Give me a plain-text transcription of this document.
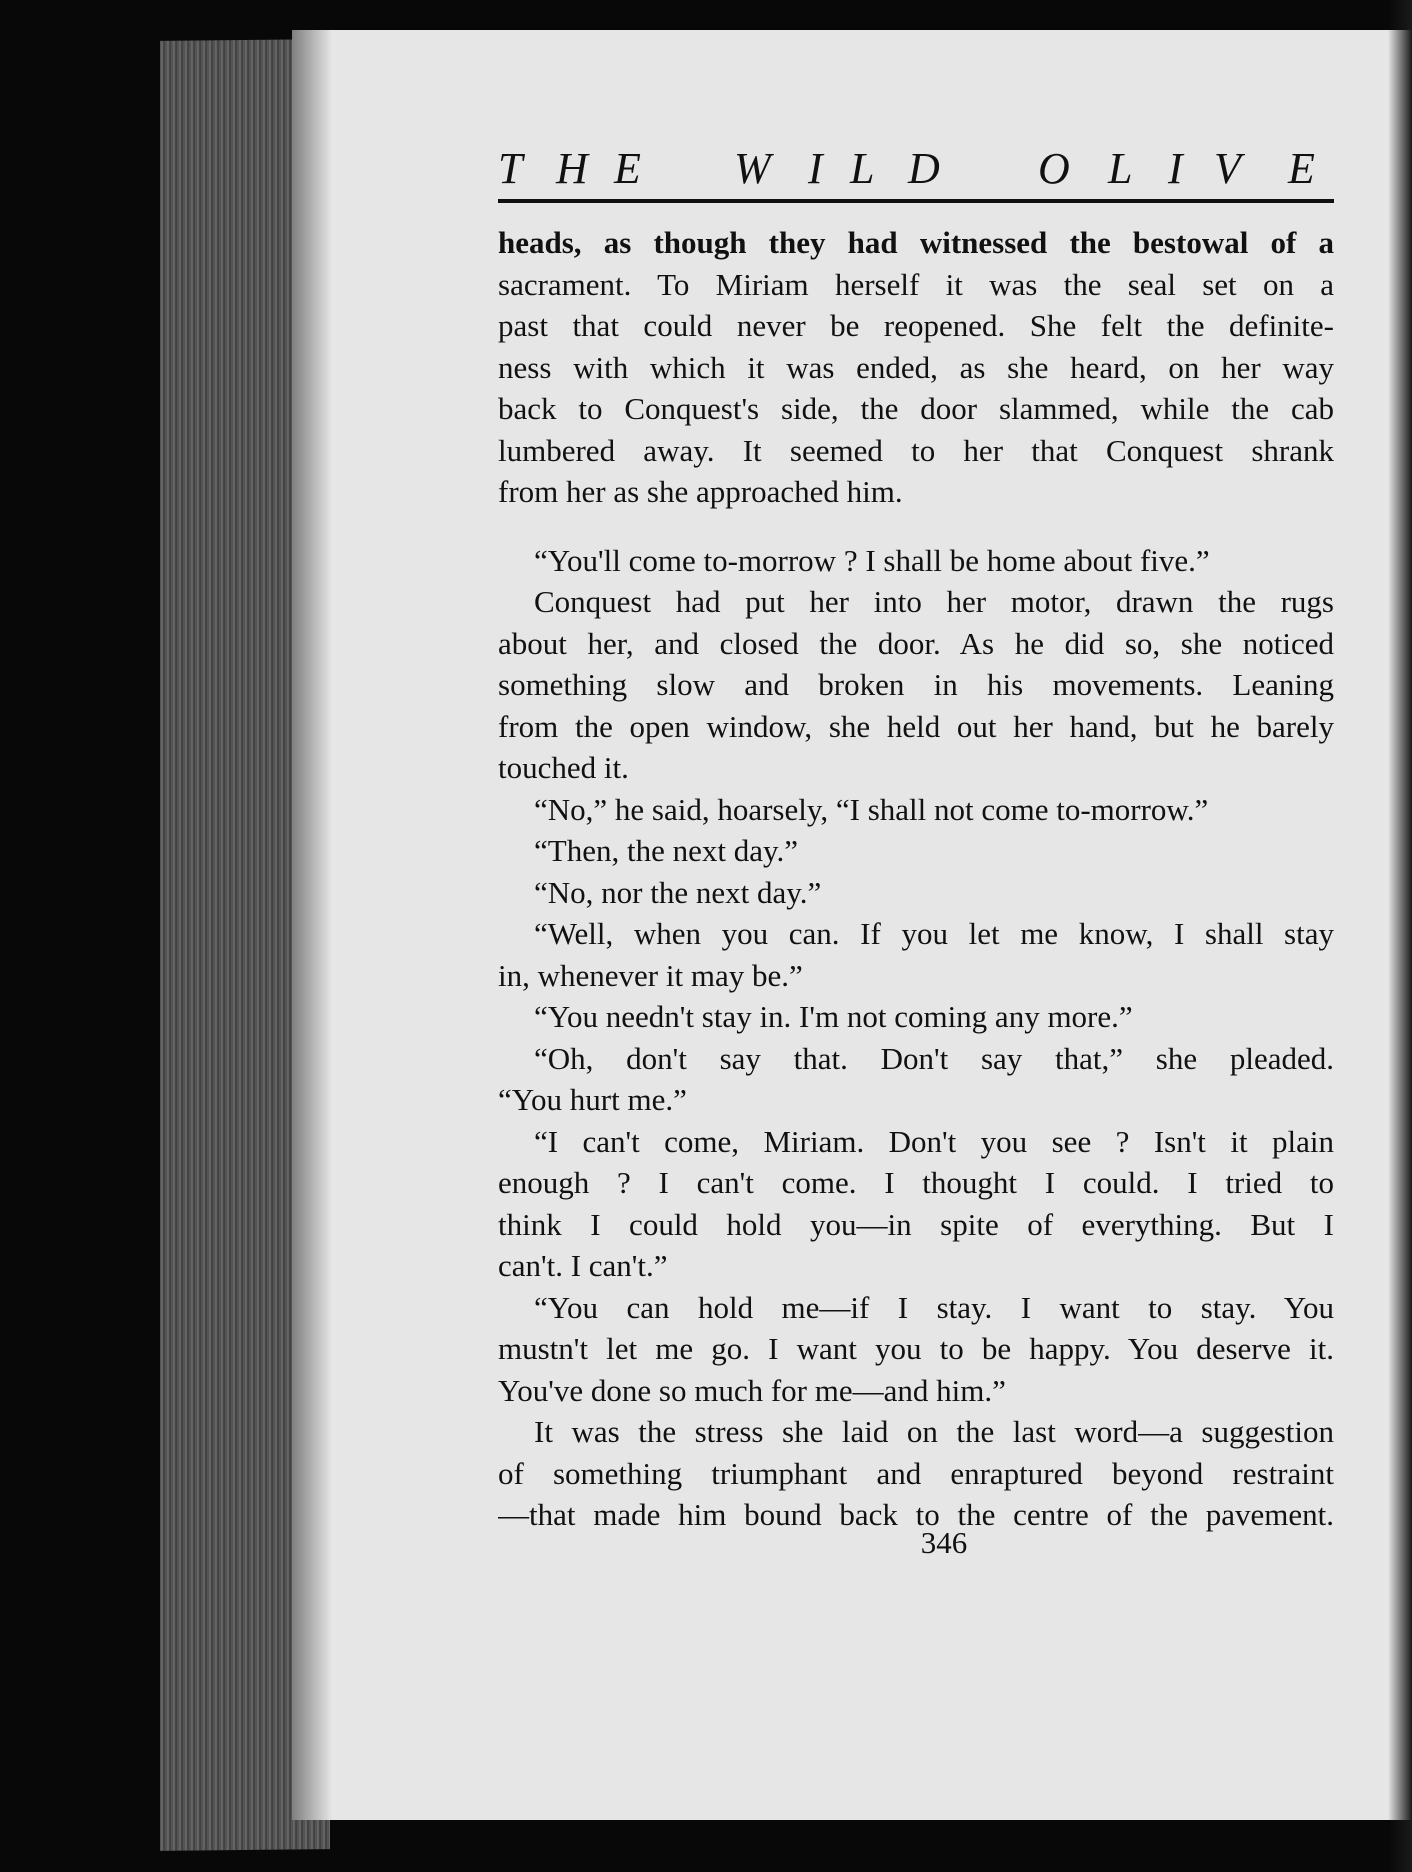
T H E W I L D O L I V E
heads, as though they had witnessed the bestowal of a
sacrament. To Miriam herself it was the seal set on a
past that could never be reopened. She felt the definite-
ness with which it was ended, as she heard, on her way
back to Conquest's side, the door slammed, while the cab
lumbered away. It seemed to her that Conquest shrank
from her as she approached him.
“You'll come to-morrow ? I shall be home about five.”
Conquest had put her into her motor, drawn the rugs
about her, and closed the door. As he did so, she noticed
something slow and broken in his movements. Leaning
from the open window, she held out her hand, but he barely
touched it.
“No,” he said, hoarsely, “I shall not come to-morrow.”
“Then, the next day.”
“No, nor the next day.”
“Well, when you can. If you let me know, I shall stay
in, whenever it may be.”
“You needn't stay in. I'm not coming any more.”
“Oh, don't say that. Don't say that,” she pleaded.
“You hurt me.”
“I can't come, Miriam. Don't you see ? Isn't it plain
enough ? I can't come. I thought I could. I tried to
think I could hold you—in spite of everything. But I
can't. I can't.”
“You can hold me—if I stay. I want to stay. You
mustn't let me go. I want you to be happy. You deserve it.
You've done so much for me—and him.”
It was the stress she laid on the last word—a suggestion
of something triumphant and enraptured beyond restraint
—that made him bound back to the centre of the pavement.
346
